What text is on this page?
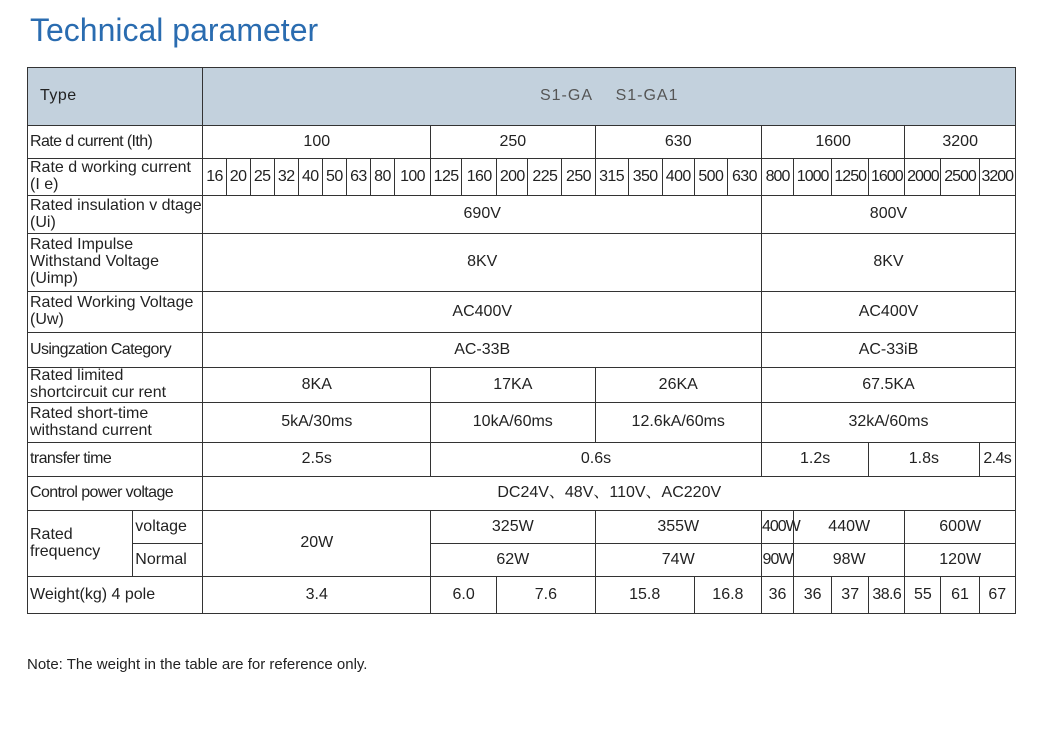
Technical parameter
Type		S1-GA S1-GA1																									
Rate d current (Ith)		100									250					630					1600				3200		
Rate d working current (I e)		16	20	25	32	40	50	63	80	100	125	160	200	225	250	315	350	400	500	630	800	1000	1250	1600	2000	2500	3200
Rated insulation v dtage (Ui)		690V																			800V						
Rated Impulse Withstand Voltage (Uimp)		8KV																			8KV						
Rated Working Voltage (Uw)		AC400V																			AC400V						
Usingzation Category		AC-33B																			AC-33iB						
Rated limited shortcircuit cur rent		8KA									17KA					26KA					67.5KA						
Rated short-time withstand current		5kA/30ms									10kA/60ms					12.6kA/60ms					32kA/60ms						
transfer time		2.5s									0.6s										1.2s			1.8s			2.4s
Control power voltage		DC24V、48V、110V、AC220V																									
Rated frequency	voltage	20W									325W					355W					400W	440W			600W		
	Normal										62W					74W					90W	98W			120W		
Weight(kg) 4 pole		3.4									6.0		7.6			15.8			16.8		36	36	37	38.6	55	61	67
Note: The weight in the table are for reference only.
